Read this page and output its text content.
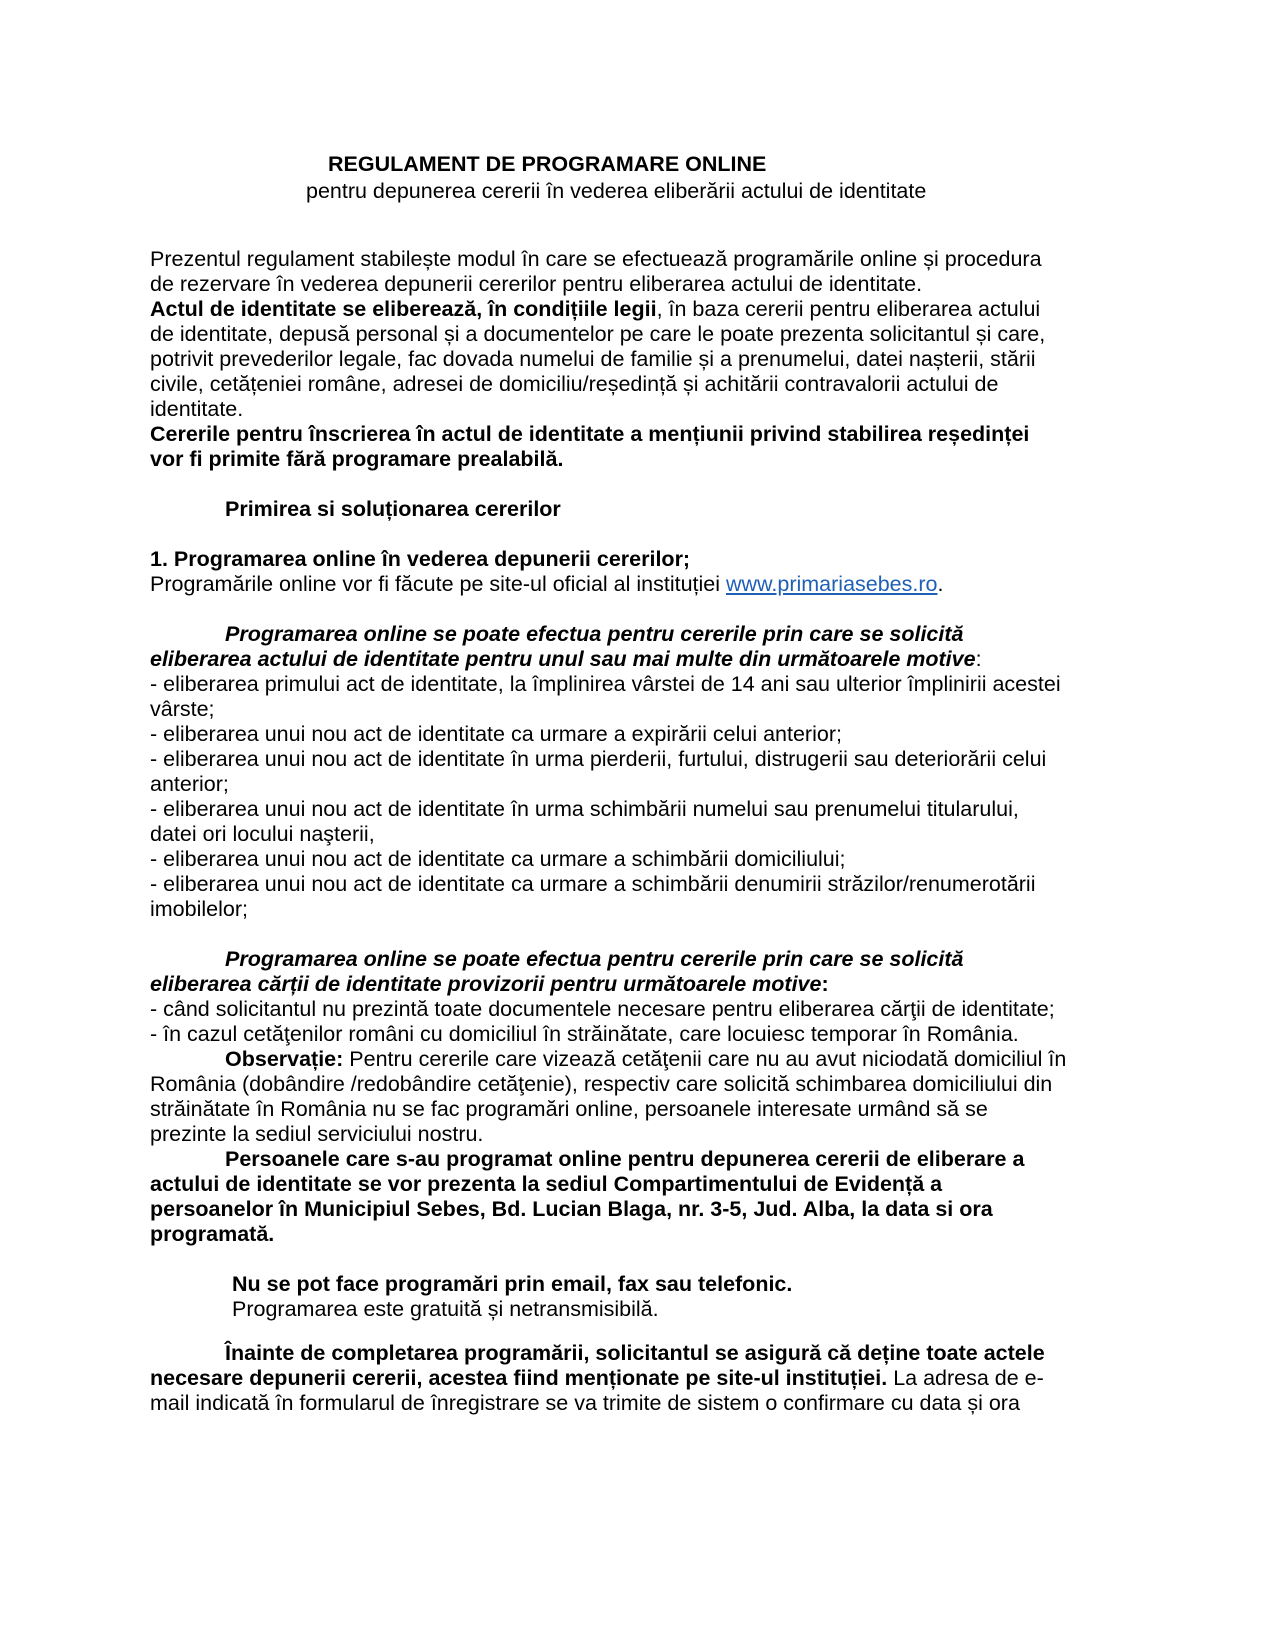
REGULAMENT DE PROGRAMARE ONLINE
pentru depunerea cererii în vederea eliberării actului de identitate
Prezentul regulament stabilește modul în care se efectuează programările online și procedura
de rezervare în vederea depunerii cererilor pentru eliberarea actului de identitate.
Actul de identitate se eliberează, în condițiile legii, în baza cererii pentru eliberarea actului
de identitate, depusă personal și a documentelor pe care le poate prezenta solicitantul și care,
potrivit prevederilor legale, fac dovada numelui de familie și a prenumelui, datei nașterii, stării
civile, cetățeniei române, adresei de domiciliu/reședință și achitării contravalorii actului de
identitate.
Cererile pentru înscrierea în actul de identitate a mențiunii privind stabilirea reședinței
vor fi primite fără programare prealabilă.
Primirea si soluționarea cererilor
1. Programarea online în vederea depunerii cererilor;
Programările online vor fi făcute pe site-ul oficial al instituției www.primariasebes.ro.
Programarea online se poate efectua pentru cererile prin care se solicită
eliberarea actului de identitate pentru unul sau mai multe din următoarele motive:
- eliberarea primului act de identitate, la împlinirea vârstei de 14 ani sau ulterior împlinirii acestei
vârste;
- eliberarea unui nou act de identitate ca urmare a expirării celui anterior;
- eliberarea unui nou act de identitate în urma pierderii, furtului, distrugerii sau deteriorării celui
anterior;
- eliberarea unui nou act de identitate în urma schimbării numelui sau prenumelui titularului,
datei ori locului naşterii,
- eliberarea unui nou act de identitate ca urmare a schimbării domiciliului;
- eliberarea unui nou act de identitate ca urmare a schimbării denumirii străzilor/renumerotării
imobilelor;
Programarea online se poate efectua pentru cererile prin care se solicită
eliberarea cărții de identitate provizorii pentru următoarele motive:
- când solicitantul nu prezintă toate documentele necesare pentru eliberarea cărţii de identitate;
- în cazul cetăţenilor români cu domiciliul în străinătate, care locuiesc temporar în România.
Observație: Pentru cererile care vizează cetăţenii care nu au avut niciodată domiciliul în
România (dobândire /redobândire cetăţenie), respectiv care solicită schimbarea domiciliului din
străinătate în România nu se fac programări online, persoanele interesate urmând să se
prezinte la sediul serviciului nostru.
Persoanele care s-au programat online pentru depunerea cererii de eliberare a
actului de identitate se vor prezenta la sediul Compartimentului de Evidență a
persoanelor în Municipiul Sebes, Bd. Lucian Blaga, nr. 3-5, Jud. Alba, la data si ora
programată.
Nu se pot face programări prin email, fax sau telefonic.
Programarea este gratuită și netransmisibilă.
Înainte de completarea programării, solicitantul se asigură că deține toate actele
necesare depunerii cererii, acestea fiind menționate pe site-ul instituției. La adresa de e-
mail indicată în formularul de înregistrare se va trimite de sistem o confirmare cu data și ora
